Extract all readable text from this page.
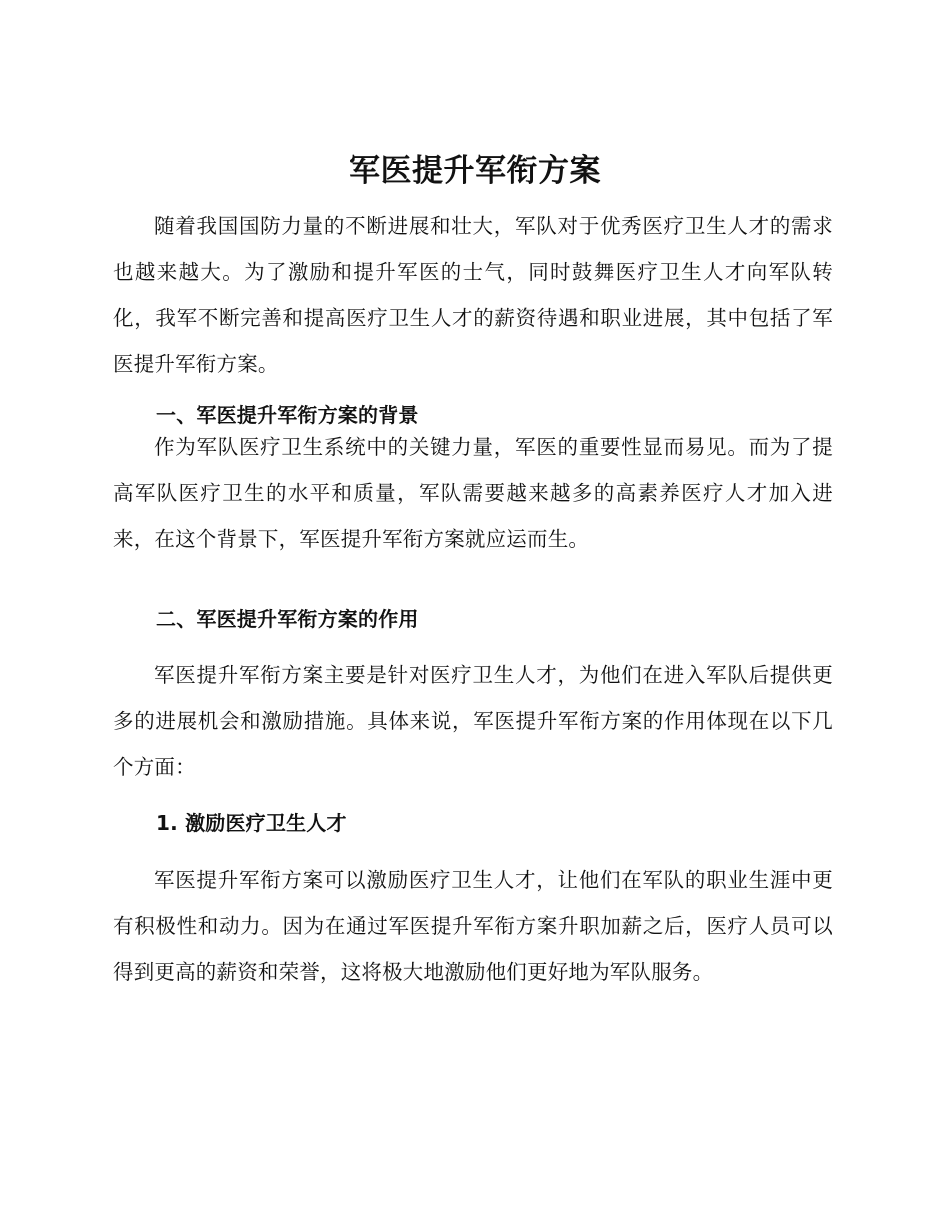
军医提升军衔方案

随着我国国防力量的不断进展和壮大，军队对于优秀医疗卫生人才的需求也越来越大。为了激励和提升军医的士气，同时鼓舞医疗卫生人才向军队转化，我军不断完善和提高医疗卫生人才的薪资待遇和职业进展，其中包括了军医提升军衔方案。

一、军医提升军衔方案的背景

作为军队医疗卫生系统中的关键力量，军医的重要性显而易见。而为了提高军队医疗卫生的水平和质量，军队需要越来越多的高素养医疗人才加入进来，在这个背景下，军医提升军衔方案就应运而生。

二、军医提升军衔方案的作用

军医提升军衔方案主要是针对医疗卫生人才，为他们在进入军队后提供更多的进展机会和激励措施。具体来说，军医提升军衔方案的作用体现在以下几个方面：

1. 激励医疗卫生人才

军医提升军衔方案可以激励医疗卫生人才，让他们在军队的职业生涯中更有积极性和动力。因为在通过军医提升军衔方案升职加薪之后，医疗人员可以得到更高的薪资和荣誉，这将极大地激励他们更好地为军队服务。
